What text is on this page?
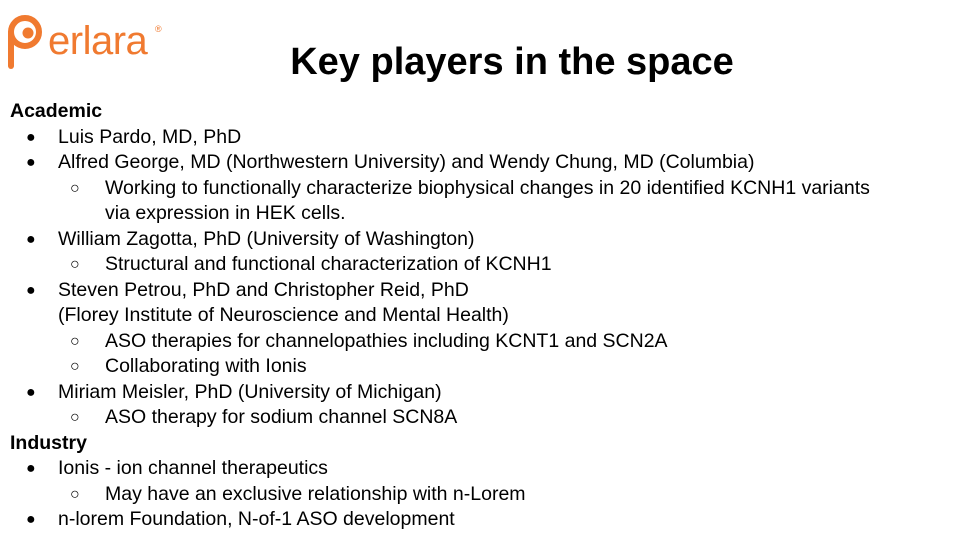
erlara ®
Key players in the space
Academic
● Luis Pardo, MD, PhD
● Alfred George, MD (Northwestern University) and Wendy Chung, MD (Columbia)
○ Working to functionally characterize biophysical changes in 20 identified KCNH1 variants
via expression in HEK cells.
● William Zagotta, PhD (University of Washington)
○ Structural and functional characterization of KCNH1
● Steven Petrou, PhD and Christopher Reid, PhD
(Florey Institute of Neuroscience and Mental Health)
○ ASO therapies for channelopathies including KCNT1 and SCN2A
○ Collaborating with Ionis
● Miriam Meisler, PhD (University of Michigan)
○ ASO therapy for sodium channel SCN8A
Industry
● Ionis - ion channel therapeutics
○ May have an exclusive relationship with n-Lorem
● n-lorem Foundation, N-of-1 ASO development
